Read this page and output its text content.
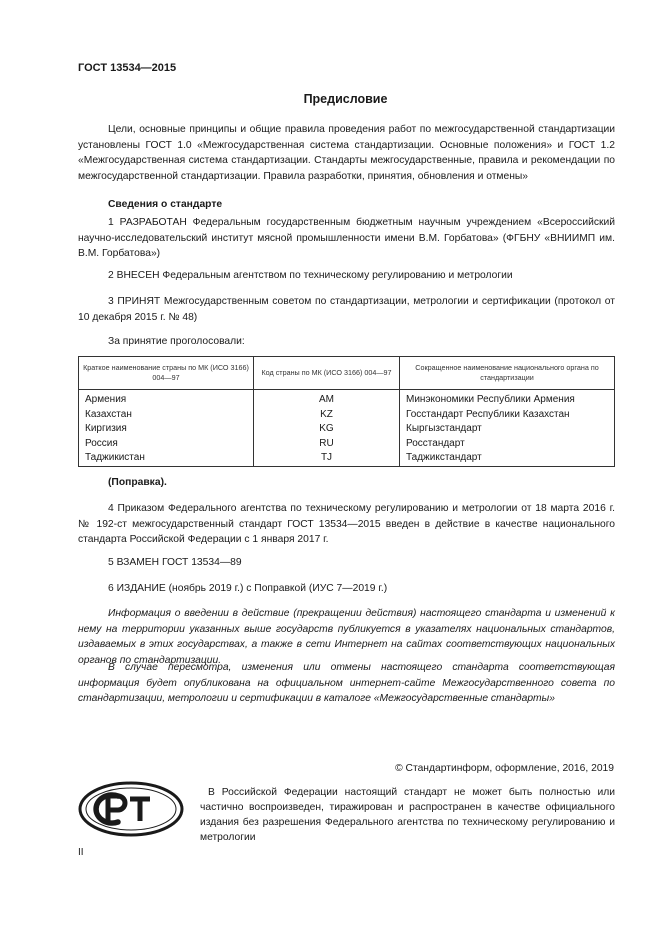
ГОСТ 13534—2015
Предисловие
Цели, основные принципы и общие правила проведения работ по межгосударственной стандартизации установлены ГОСТ 1.0 «Межгосударственная система стандартизации. Основные положения» и ГОСТ 1.2 «Межгосударственная система стандартизации. Стандарты межгосударственные, правила и рекомендации по межгосударственной стандартизации. Правила разработки, принятия, обновления и отмены»
Сведения о стандарте
1 РАЗРАБОТАН Федеральным государственным бюджетным научным учреждением «Всероссийский научно-исследовательский институт мясной промышленности имени В.М. Горбатова» (ФГБНУ «ВНИИМП им. В.М. Горбатова»)
2 ВНЕСЕН Федеральным агентством по техническому регулированию и метрологии
3 ПРИНЯТ Межгосударственным советом по стандартизации, метрологии и сертификации (протокол от 10 декабря 2015 г. № 48)
За принятие проголосовали:
Краткое наименование страны по МК (ИСО 3166) 004—97	Код страны по МК (ИСО 3166) 004—97	Сокращенное наименование национального органа по стандартизации
Армения	AM	Минэкономики Республики Армения
Казахстан	KZ	Госстандарт Республики Казахстан
Киргизия	KG	Кыргызстандарт
Россия	RU	Росстандарт
Таджикистан	TJ	Таджикстандарт
(Поправка).
4 Приказом Федерального агентства по техническому регулированию и метрологии от 18 марта 2016 г. № 192-ст межгосударственный стандарт ГОСТ 13534—2015 введен в действие в качестве национального стандарта Российской Федерации с 1 января 2017 г.
5 ВЗАМЕН ГОСТ 13534—89
6 ИЗДАНИЕ (ноябрь 2019 г.) с Поправкой (ИУС 7—2019 г.)
Информация о введении в действие (прекращении действия) настоящего стандарта и изменений к нему на территории указанных выше государств публикуется в указателях национальных стандартов, издаваемых в этих государствах, а также в сети Интернет на сайтах соответствующих национальных органов по стандартизации.
В случае пересмотра, изменения или отмены настоящего стандарта соответствующая информация будет опубликована на официальном интернет-сайте Межгосударственного совета по стандартизации, метрологии и сертификации в каталоге «Межгосударственные стандарты»
© Стандартинформ, оформление, 2016, 2019
В Российской Федерации настоящий стандарт не может быть полностью или частично воспроизведен, тиражирован и распространен в качестве официального издания без разрешения Федерального агентства по техническому регулированию и метрологии
II
